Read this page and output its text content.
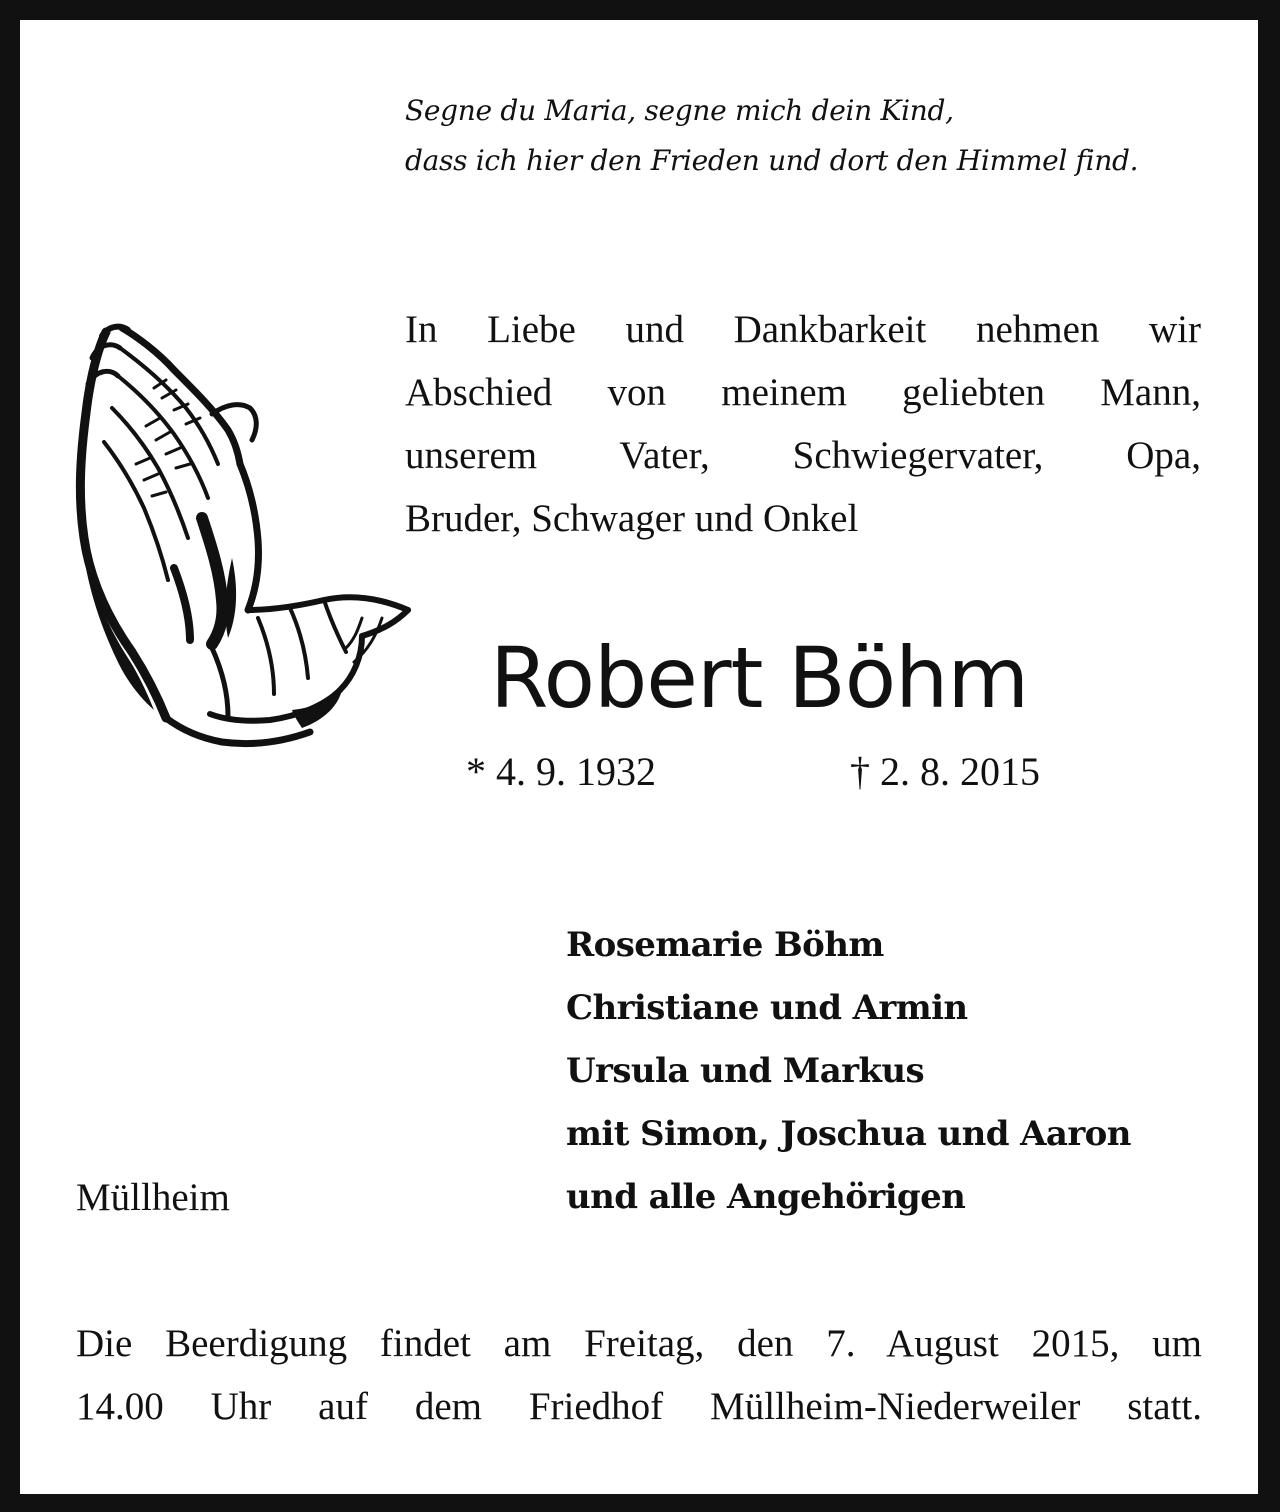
Segne du Maria, segne mich dein Kind,
dass ich hier den Frieden und dort den Himmel find.
In Liebe und Dankbarkeit nehmen wir
Abschied von meinem geliebten Mann,
unserem Vater, Schwiegervater, Opa,
Bruder, Schwager und Onkel
Robert Böhm
* 4. 9. 1932	† 2. 8. 2015
Rosemarie Böhm
Christiane und Armin
Ursula und Markus
mit Simon, Joschua und Aaron
und alle Angehörigen
Müllheim
Die Beerdigung findet am Freitag, den 7. August 2015, um
14.00 Uhr auf dem Friedhof Müllheim-Niederweiler statt.
